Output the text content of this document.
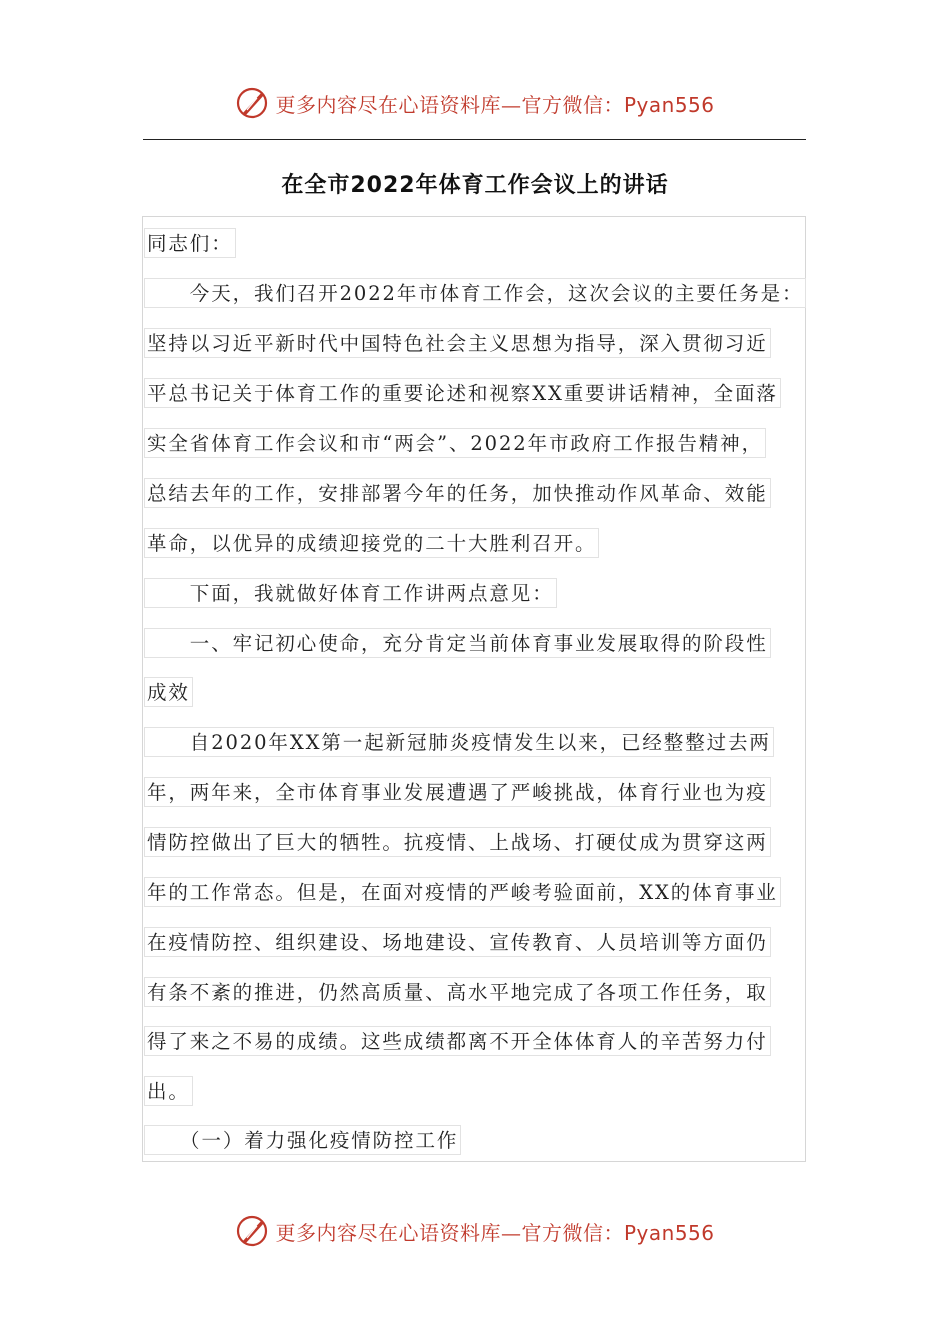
更多内容尽在心语资料库—官方微信：Pyan556
在全市2022年体育工作会议上的讲话
同志们：
　　今天，我们召开2022年市体育工作会，这次会议的主要任务是：
坚持以习近平新时代中国特色社会主义思想为指导，深入贯彻习近
平总书记关于体育工作的重要论述和视察XX重要讲话精神，全面落
实全省体育工作会议和市“两会”、2022年市政府工作报告精神，
总结去年的工作，安排部署今年的任务，加快推动作风革命、效能
革命，以优异的成绩迎接党的二十大胜利召开。
　　下面，我就做好体育工作讲两点意见：
　　一、牢记初心使命，充分肯定当前体育事业发展取得的阶段性
成效
　　自2020年XX第一起新冠肺炎疫情发生以来，已经整整过去两
年，两年来，全市体育事业发展遭遇了严峻挑战，体育行业也为疫
情防控做出了巨大的牺牲。抗疫情、上战场、打硬仗成为贯穿这两
年的工作常态。但是，在面对疫情的严峻考验面前，XX的体育事业
在疫情防控、组织建设、场地建设、宣传教育、人员培训等方面仍
有条不紊的推进，仍然高质量、高水平地完成了各项工作任务，取
得了来之不易的成绩。这些成绩都离不开全体体育人的辛苦努力付
出。
　　（一）着力强化疫情防控工作
更多内容尽在心语资料库—官方微信：Pyan556
